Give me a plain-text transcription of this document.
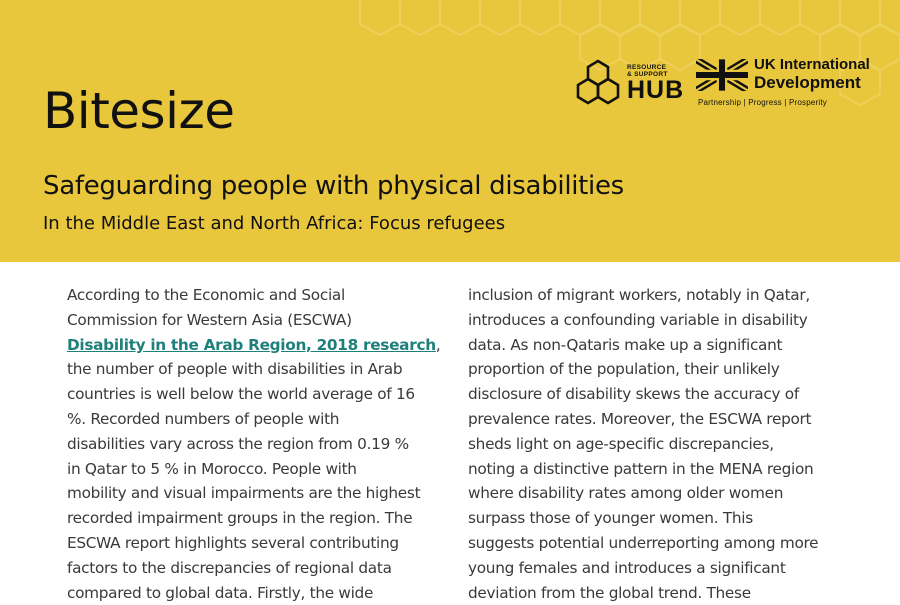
Bitesize
RESOURCE
& SUPPORT
HUB
UK International
Development
Partnership | Progress | Prosperity
Safeguarding people with physical disabilities
In the Middle East and North Africa: Focus refugees
According to the Economic and Social
Commission for Western Asia (ESCWA)
Disability in the Arab Region, 2018 research,
the number of people with disabilities in Arab
countries is well below the world average of 16
%. Recorded numbers of people with
disabilities vary across the region from 0.19 %
in Qatar to 5 % in Morocco. People with
mobility and visual impairments are the highest
recorded impairment groups in the region. The
ESCWA report highlights several contributing
factors to the discrepancies of regional data
compared to global data. Firstly, the wide
inclusion of migrant workers, notably in Qatar,
introduces a confounding variable in disability
data. As non-Qataris make up a significant
proportion of the population, their unlikely
disclosure of disability skews the accuracy of
prevalence rates. Moreover, the ESCWA report
sheds light on age-specific discrepancies,
noting a distinctive pattern in the MENA region
where disability rates among older women
surpass those of younger women. This
suggests potential underreporting among more
young females and introduces a significant
deviation from the global trend. These
